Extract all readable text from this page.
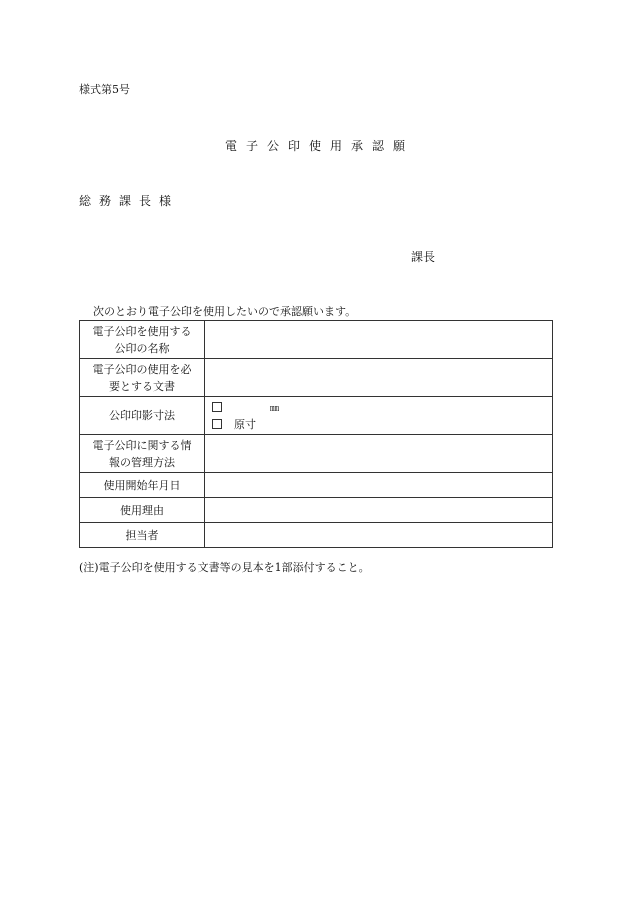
様式第5号
電子公印使用承認願
総務課長様
課長
次のとおり電子公印を使用したいので承認願います。
電子公印を使用する
公印の名称	

電子公印の使用を必
要とする文書	

公印印影寸法	㎜
原寸

電子公印に関する情
報の管理方法	

使用開始年月日	
使用理由	
担当者	
(注)電子公印を使用する文書等の見本を1部添付すること。
